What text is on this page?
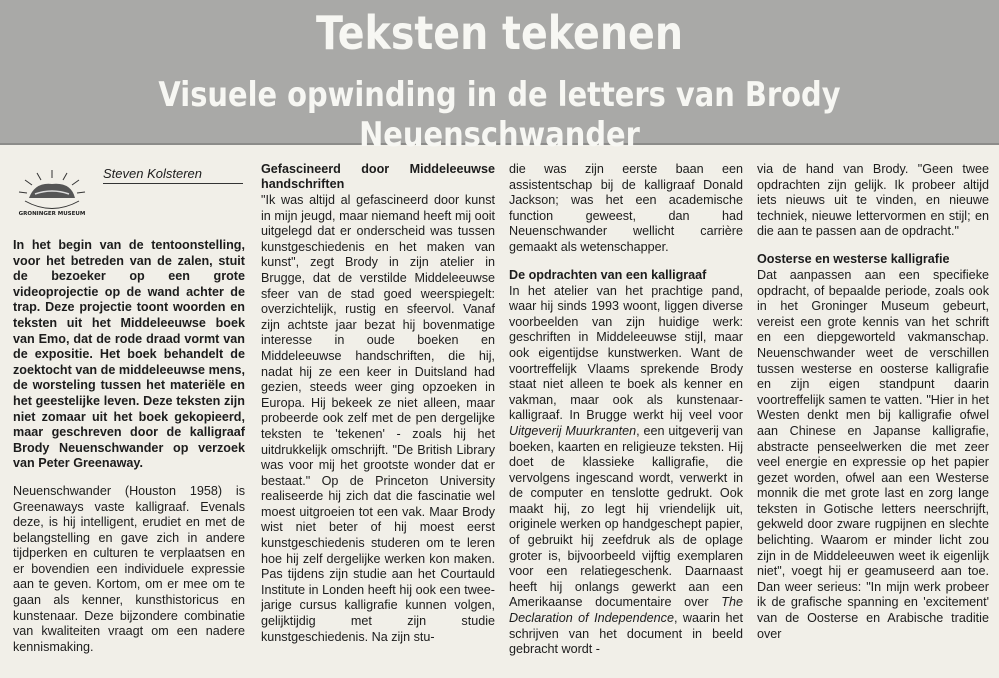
Teksten tekenen
Visuele opwinding in de letters van Brody Neuenschwander
GRONINGER MUSEUM
Steven Kolsteren

In het begin van de tentoonstelling, voor het betreden van de zalen, stuit de bezoeker op een grote videoprojectie op de wand achter de trap. Deze projectie toont woorden en teksten uit het Middeleeuwse boek van Emo, dat de rode draad vormt van de expositie. Het boek behandelt de zoektocht van de middeleeuwse mens, de worsteling tussen het materiële en het geestelijke leven. Deze teksten zijn niet zomaar uit het boek gekopieerd, maar geschreven door de kalligraaf Brody Neuenschwander op verzoek van Peter Greenaway.

Neuenschwander (Houston 1958) is Greenaways vaste kalligraaf. Evenals deze, is hij intelligent, erudiet en met de belangstelling en gave zich in andere tijdperken en culturen te verplaatsen en er bovendien een individuele expressie aan te geven. Kortom, om er mee om te gaan als kenner, kunsthistoricus en kunstenaar. Deze bijzondere combinatie van kwaliteiten vraagt om een nadere kennismaking.

Gefascineerd door Middeleeuwse handschriften

"Ik was altijd al gefascineerd door kunst in mijn jeugd, maar niemand heeft mij ooit uitgelegd dat er onderscheid was tussen kunstgeschiedenis en het maken van kunst", zegt Brody in zijn atelier in Brugge, dat de verstilde Middeleeuwse sfeer van de stad goed weerspiegelt: overzichtelijk, rustig en sfeervol. Vanaf zijn achtste jaar bezat hij bovenmatige interesse in oude boeken en Middeleeuwse handschriften, die hij, nadat hij ze een keer in Duitsland had gezien, steeds weer ging opzoeken in Europa. Hij bekeek ze niet alleen, maar probeerde ook zelf met de pen dergelijke teksten te 'tekenen' - zoals hij het uitdrukkelijk omschrijft. "De British Library was voor mij het grootste wonder dat er bestaat." Op de Princeton University realiseerde hij zich dat die fascinatie wel moest uitgroeien tot een vak. Maar Brody wist niet beter of hij moest eerst kunstgeschiedenis studeren om te leren hoe hij zelf dergelijke werken kon maken. Pas tijdens zijn studie aan het Courtauld Institute in Londen heeft hij ook een twee-jarige cursus kalligrafie kunnen volgen, gelijktijdig met zijn studie kunstgeschiedenis. Na zijn stu-

die was zijn eerste baan een assistentschap bij de kalligraaf Donald Jackson; was het een academische function geweest, dan had Neuenschwander wellicht carrière gemaakt als wetenschapper.

De opdrachten van een kalligraaf

In het atelier van het prachtige pand, waar hij sinds 1993 woont, liggen diverse voorbeelden van zijn huidige werk: geschriften in Middeleeuwse stijl, maar ook eigentijdse kunstwerken. Want de voortreffelijk Vlaams sprekende Brody staat niet alleen te boek als kenner en vakman, maar ook als kunstenaar-kalligraaf. In Brugge werkt hij veel voor Uitgeverij Muurkranten, een uitgeverij van boeken, kaarten en religieuze teksten. Hij doet de klassieke kalligrafie, die vervolgens ingescand wordt, verwerkt in de computer en tenslotte gedrukt. Ook maakt hij, zo legt hij vriendelijk uit, originele werken op handgeschept papier, of gebruikt hij zeefdruk als de oplage groter is, bijvoorbeeld vijftig exemplaren voor een relatiegeschenk. Daarnaast heeft hij onlangs gewerkt aan een Amerikaanse documentaire over The Declaration of Independence, waarin het schrijven van het document in beeld gebracht wordt -

via de hand van Brody. "Geen twee opdrachten zijn gelijk. Ik probeer altijd iets nieuws uit te vinden, en nieuwe techniek, nieuwe lettervormen en stijl; en die aan te passen aan de opdracht."

Oosterse en westerse kalligrafie

Dat aanpassen aan een specifieke opdracht, of bepaalde periode, zoals ook in het Groninger Museum gebeurt, vereist een grote kennis van het schrift en een diepgeworteld vakmanschap. Neuenschwander weet de verschillen tussen westerse en oosterse kalligrafie en zijn eigen standpunt daarin voortreffelijk samen te vatten. "Hier in het Westen denkt men bij kalligrafie ofwel aan Chinese en Japanse kalligrafie, abstracte penseelwerken die met zeer veel energie en expressie op het papier gezet worden, ofwel aan een Westerse monnik die met grote last en zorg lange teksten in Gotische letters neerschrijft, gekweld door zware rugpijnen en slechte belichting. Waarom er minder licht zou zijn in de Middeleeuwen weet ik eigenlijk niet", voegt hij er geamuseerd aan toe. Dan weer serieus: "In mijn werk probeer ik de grafische spanning en 'excitement' van de Oosterse en Arabische traditie over
